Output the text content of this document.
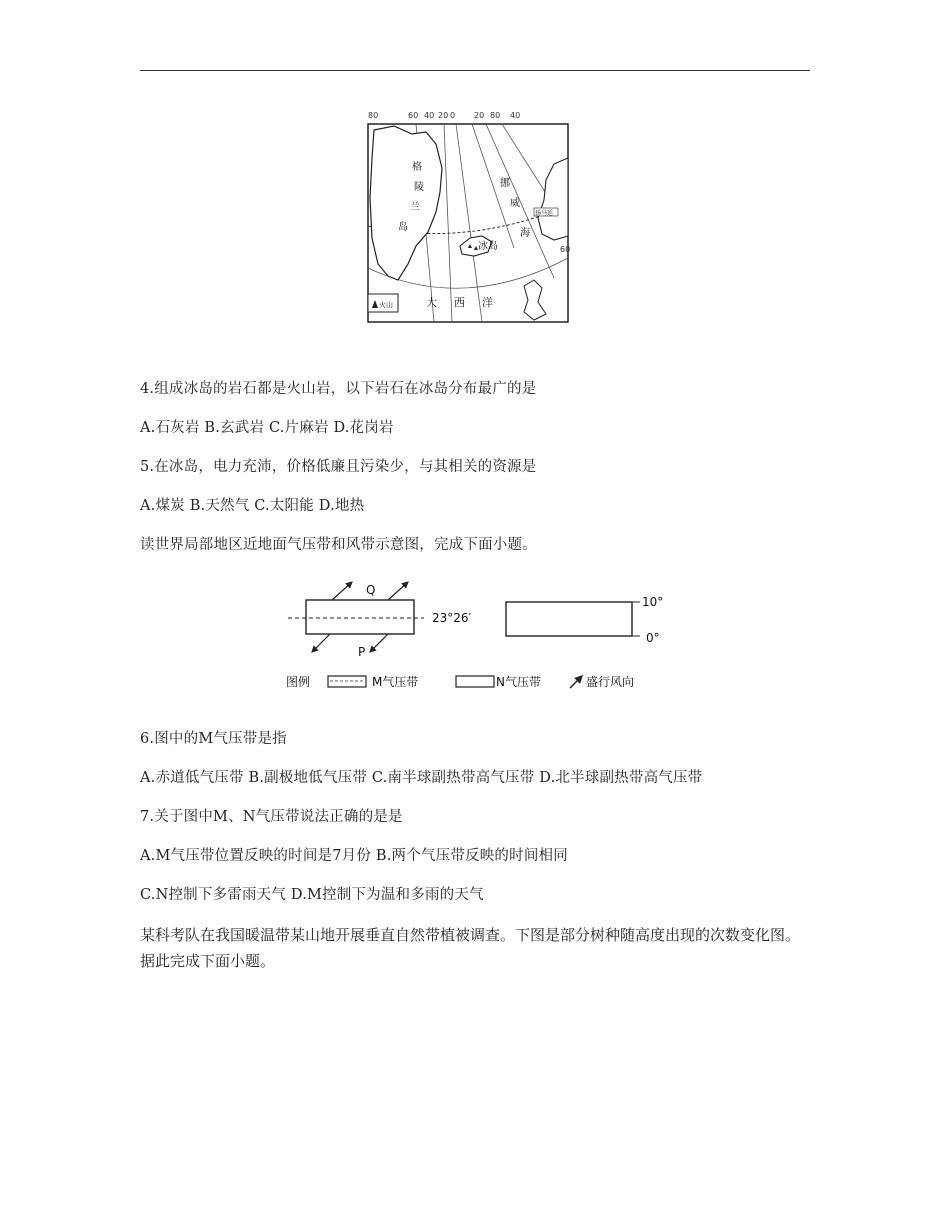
80	60 40 20 0 20 80 40
扬马延
格
陵
兰
岛
挪
威
海
冰岛	60
大 西 洋
火山
4.组成冰岛的岩石都是火山岩，以下岩石在冰岛分布最广的是
A.石灰岩 B.玄武岩 C.片麻岩 D.花岗岩
5.在冰岛，电力充沛，价格低廉且污染少，与其相关的资源是
A.煤炭 B.天然气 C.太阳能 D.地热
读世界局部地区近地面气压带和风带示意图，完成下面小题。
Q
P
23°26′
10°
0°
图例	M气压带	N气压带	盛行风向
6.图中的M气压带是指
A.赤道低气压带 B.副极地低气压带 C.南半球副热带高气压带 D.北半球副热带高气压带
7.关于图中M、N气压带说法正确的是是
A.M气压带位置反映的时间是7月份 B.两个气压带反映的时间相同
C.N控制下多雷雨天气 D.M控制下为温和多雨的天气
某科考队在我国暖温带某山地开展垂直自然带植被调查。下图是部分树种随高度出现的次数变化图。据此完成下面小题。
